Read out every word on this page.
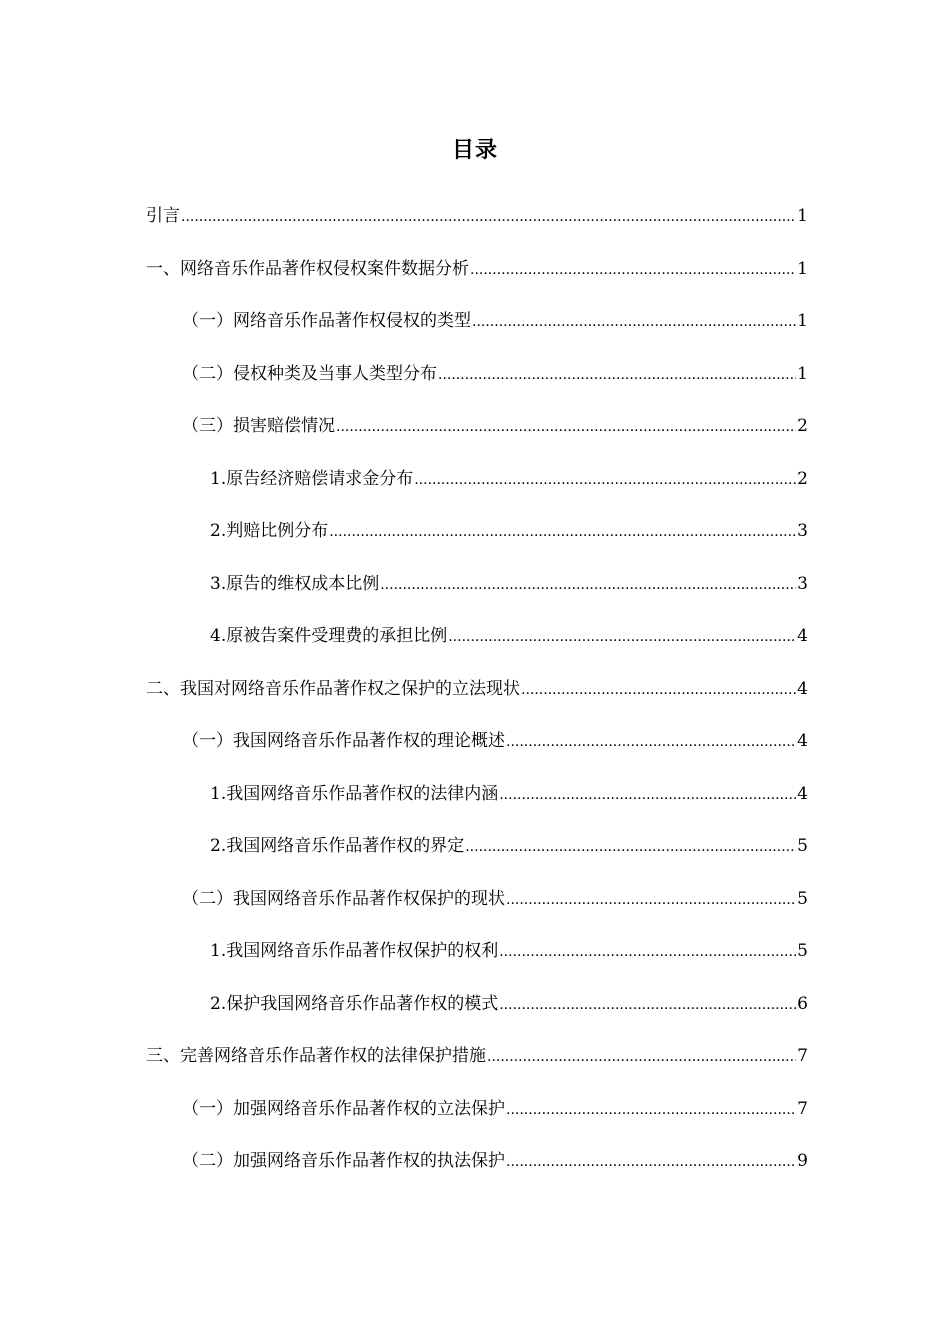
目录
引言 .....	1
一、网络音乐作品著作权侵权案件数据分析 .....	1
（一）网络音乐作品著作权侵权的类型 .....	1
（二）侵权种类及当事人类型分布 .....	1
（三）损害赔偿情况 .....	2
1.原告经济赔偿请求金分布 .....	2
2.判赔比例分布 .....	3
3.原告的维权成本比例 .....	3
4.原被告案件受理费的承担比例 .....	4
二、我国对网络音乐作品著作权之保护的立法现状 .....	4
（一）我国网络音乐作品著作权的理论概述 .....	4
1.我国网络音乐作品著作权的法律内涵 .....	4
2.我国网络音乐作品著作权的界定 .....	5
（二）我国网络音乐作品著作权保护的现状 .....	5
1.我国网络音乐作品著作权保护的权利 .....	5
2.保护我国网络音乐作品著作权的模式 .....	6
三、完善网络音乐作品著作权的法律保护措施 .....	7
（一）加强网络音乐作品著作权的立法保护 .....	7
（二）加强网络音乐作品著作权的执法保护 .....	9
